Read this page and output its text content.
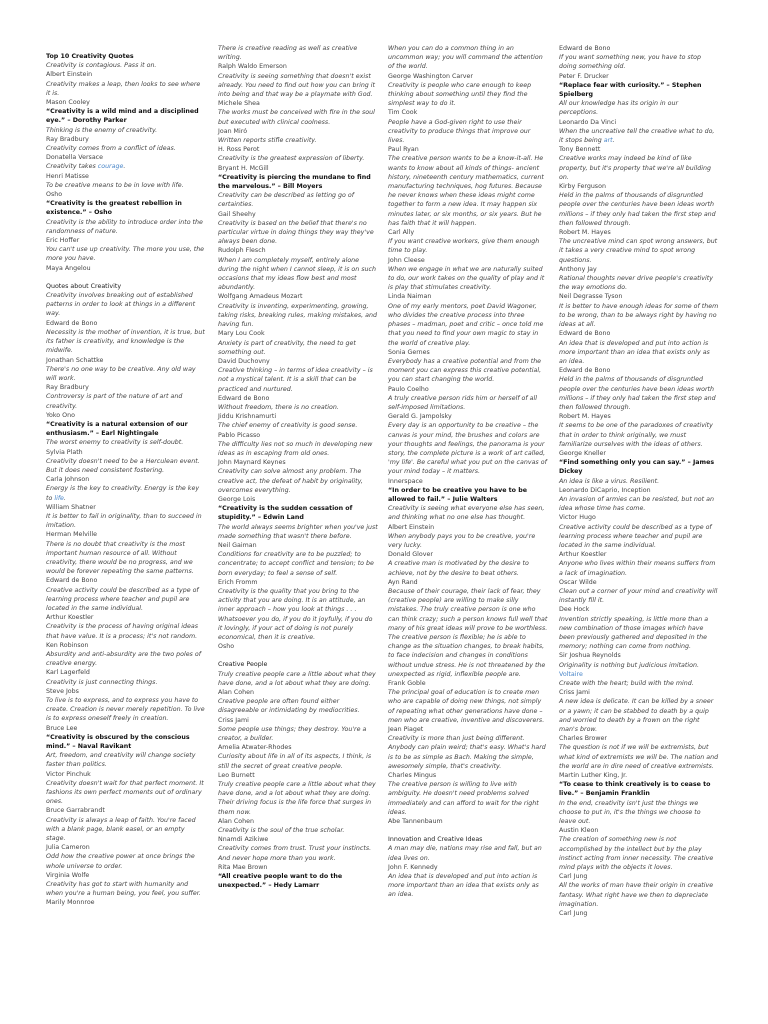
Top 10 Creativity Quotes

Creativity is contagious. Pass it on.

Albert Einstein

Creativity makes a leap, then looks to see where it is.

Mason Cooley

“Creativity is a wild mind and a disciplined eye.” – Dorothy Parker

Thinking is the enemy of creativity.

Ray Bradbury

Creativity comes from a conflict of ideas.

Donatella Versace

Creativity takes courage.

Henri Matisse

To be creative means to be in love with life.

Osho

“Creativity is the greatest rebellion in existence.” – Osho

Creativity is the ability to introduce order into the randomness of nature.

Eric Hoffer

You can't use up creativity. The more you use, the more you have.

Maya Angelou

Quotes about Creativity

Creativity involves breaking out of established patterns in order to look at things in a different way.

Edward de Bono

Necessity is the mother of invention, it is true, but its father is creativity, and knowledge is the midwife.

Jonathan Schattke

There's no one way to be creative. Any old way will work.

Ray Bradbury

Controversy is part of the nature of art and creativity.

Yoko Ono

“Creativity is a natural extension of our enthusiasm.” – Earl Nightingale

The worst enemy to creativity is self-doubt.

Sylvia Plath

Creativity doesn't need to be a Herculean event. But it does need consistent fostering.

Carla Johnson

Energy is the key to creativity. Energy is the key to life.

William Shatner

It is better to fail in originality, than to succeed in imitation.

Herman Melville

There is no doubt that creativity is the most important human resource of all. Without creativity, there would be no progress, and we would be forever repeating the same patterns.

Edward de Bono

Creative activity could be described as a type of learning process where teacher and pupil are located in the same individual.

Arthur Koestler

Creativity is the process of having original ideas that have value. It is a process; it's not random.

Ken Robinson

Absurdity and anti-absurdity are the two poles of creative energy.

Karl Lagerfeld

Creativity is just connecting things.

Steve Jobs

To live is to express, and to express you have to create. Creation is never merely repetition. To live is to express oneself freely in creation.

Bruce Lee

“Creativity is obscured by the conscious mind.” – Naval Ravikant

Art, freedom, and creativity will change society faster than politics.

Victor Pinchuk

Creativity doesn't wait for that perfect moment. It fashions its own perfect moments out of ordinary ones.

Bruce Garrabrandt

Creativity is always a leap of faith. You're faced with a blank page, blank easel, or an empty stage.

Julia Cameron

Odd how the creative power at once brings the whole universe to order.

Virginia Wolfe

Creativity has got to start with humanity and when you're a human being, you feel, you suffer.

Marily Monnroe

There is creative reading as well as creative writing.

Ralph Waldo Emerson

Creativity is seeing something that doesn't exist already. You need to find out how you can bring it into being and that way be a playmate with God.

Michele Shea

The works must be conceived with fire in the soul but executed with clinical coolness.

Joan Miró

Written reports stifle creativity.

H. Ross Perot

Creativity is the greatest expression of liberty.

Bryant H. McGill

“Creativity is piercing the mundane to find the marvelous.” – Bill Moyers

Creativity can be described as letting go of certainties.

Gail Sheehy

Creativity is based on the belief that there's no particular virtue in doing things they way they've always been done.

Rudolph Flesch

When I am completely myself, entirely alone during the night when I cannot sleep, it is on such occasions that my ideas flow best and most abundantly.

Wolfgang Amadeus Mozart

Creativity is inventing, experimenting, growing, taking risks, breaking rules, making mistakes, and having fun.

Mary Lou Cook

Anxiety is part of creativity, the need to get something out.

David Duchovny

Creative thinking – in terms of idea creativity – is not a mystical talent. It is a skill that can be practiced and nurtured.

Edward de Bono

Without freedom, there is no creation.

Jiddu Krishnamurti

The chief enemy of creativity is good sense.

Pablo Picasso

The difficulty lies not so much in developing new ideas as in escaping from old ones.

John Maynard Keynes

Creativity can solve almost any problem. The creative act, the defeat of habit by originality, overcomes everything.

George Lois

“Creativity is the sudden cessation of stupidity.” – Edwin Land

The world always seems brighter when you've just made something that wasn't there before.

Neil Gaiman

Conditions for creativity are to be puzzled; to concentrate; to accept conflict and tension; to be born everyday; to feel a sense of self.

Erich Fromm

Creativity is the quality that you bring to the activity that you are doing. It is an attitude, an inner approach – how you look at things . . . Whatsoever you do, if you do it joyfully, if you do it lovingly, if your act of doing is not purely economical, then it is creative.

Osho

Creative People

Truly creative people care a little about what they have done, and a lot about what they are doing.

Alan Cohen

Creative people are often found either disagreeable or intimidating by mediocrities.

Criss Jami

Some people use things; they destroy. You're a creator, a builder.

Amelia Atwater-Rhodes

Curiosity about life in all of its aspects, I think, is still the secret of great creative people.

Leo Burnett

Truly creative people care a little about what they have done, and a lot about what they are doing. Their driving focus is the life force that surges in them now.

Alan Cohen

Creativity is the soul of the true scholar.

Nnamdi Azikiwe

Creativity comes from trust. Trust your instincts. And never hope more than you work.

Rita Mae Brown

“All creative people want to do the unexpected.” – Hedy Lamarr

When you can do a common thing in an uncommon way; you will command the attention of the world.

George Washington Carver

Creativity is people who care enough to keep thinking about something until they find the simplest way to do it.

Tim Cook

People have a God-given right to use their creativity to produce things that improve our lives.

Paul Ryan

The creative person wants to be a know-it-all. He wants to know about all kinds of things- ancient history, nineteenth century mathematics, current manufacturing techniques, hog futures. Because he never knows when these ideas might come together to form a new idea. It may happen six minutes later, or six months, or six years. But he has faith that it will happen.

Carl Ally

If you want creative workers, give them enough time to play.

John Cleese

When we engage in what we are naturally suited to do, our work takes on the quality of play and it is play that stimulates creativity.

Linda Naiman

One of my early mentors, poet David Wagoner, who divides the creative process into three phases – madman, poet and critic – once told me that you need to find your own magic to stay in the world of creative play.

Sonia Gernes

Everybody has a creative potential and from the moment you can express this creative potential, you can start changing the world.

Paulo Coelho

A truly creative person rids him or herself of all self-imposed limitations.

Gerald G. Jampolsky

Every day is an opportunity to be creative – the canvas is your mind, the brushes and colors are your thoughts and feelings, the panorama is your story, the complete picture is a work of art called, 'my life'. Be careful what you put on the canvas of your mind today – it matters.

Innerspace

“In order to be creative you have to be allowed to fail.” – Julie Walters

Creativity is seeing what everyone else has seen, and thinking what no one else has thought.

Albert Einstein

When anybody pays you to be creative, you're very lucky.

Donald Glover

A creative man is motivated by the desire to achieve, not by the desire to beat others.

Ayn Rand

Because of their courage, their lack of fear, they (creative people) are willing to make silly mistakes. The truly creative person is one who can think crazy; such a person knows full well that many of his great ideas will prove to be worthless. The creative person is flexible; he is able to change as the situation changes, to break habits, to face indecision and changes in conditions without undue stress. He is not threatened by the unexpected as rigid, inflexible people are.

Frank Goble

The principal goal of education is to create men who are capable of doing new things, not simply of repeating what other generations have done – men who are creative, inventive and discoverers.

Jean Piaget

Creativity is more than just being different. Anybody can plain weird; that's easy. What's hard is to be as simple as Bach. Making the simple, awesomely simple, that's creativity.

Charles Mingus

The creative person is willing to live with ambiguity. He doesn't need problems solved immediately and can afford to wait for the right ideas.

Abe Tannenbaum

Innovation and Creative Ideas

A man may die, nations may rise and fall, but an idea lives on.

John F. Kennedy

An idea that is developed and put into action is more important than an idea that exists only as an idea.

Edward de Bono

If you want something new, you have to stop doing something old.

Peter F. Drucker

“Replace fear with curiosity.” – Stephen Spielberg

All our knowledge has its origin in our perceptions.

Leonardo Da Vinci

When the uncreative tell the creative what to do, it stops being art.

Tony Bennett

Creative works may indeed be kind of like property, but it's property that we're all building on.

Kirby Ferguson

Held in the palms of thousands of disgruntled people over the centuries have been ideas worth millions – if they only had taken the first step and then followed through.

Robert M. Hayes

The uncreative mind can spot wrong answers, but it takes a very creative mind to spot wrong questions.

Anthony Jay

Rational thoughts never drive people's creativity the way emotions do.

Neil Degrasse Tyson

It is better to have enough ideas for some of them to be wrong, than to be always right by having no ideas at all.

Edward de Bono

An idea that is developed and put into action is more important than an idea that exists only as an idea.

Edward de Bono

Held in the palms of thousands of disgruntled people over the centuries have been ideas worth millions – if they only had taken the first step and then followed through.

Robert M. Hayes

It seems to be one of the paradoxes of creativity that in order to think originally, we must familiarize ourselves with the ideas of others.

George Kneller

“Find something only you can say.” – James Dickey

An idea is like a virus. Resilient.

Leonardo DiCaprio, Inception

An invasion of armies can be resisted, but not an idea whose time has come.

Victor Hugo

Creative activity could be described as a type of learning process where teacher and pupil are located in the same individual.

Arthur Koestler

Anyone who lives within their means suffers from a lack of imagination.

Oscar Wilde

Clean out a corner of your mind and creativity will instantly fill it.

Dee Hock

Invention strictly speaking, is little more than a new combination of those images which have been previously gathered and deposited in the memory; nothing can come from nothing.

Sir Joshua Reynolds

Originality is nothing but judicious imitation.

Voltaire

Create with the heart; build with the mind.

Criss Jami

A new idea is delicate. It can be killed by a sneer or a yawn; it can be stabbed to death by a quip and worried to death by a frown on the right man's brow.

Charles Brower

The question is not if we will be extremists, but what kind of extremists we will be. The nation and the world are in dire need of creative extremists.

Martin Luther King, Jr.

“To cease to think creatively is to cease to live.” – Benjamin Franklin

In the end, creativity isn't just the things we choose to put in, it's the things we choose to leave out.

Austin Kleon

The creation of something new is not accomplished by the intellect but by the play instinct acting from inner necessity. The creative mind plays with the objects it loves.

Carl Jung

All the works of man have their origin in creative fantasy. What right have we then to depreciate imagination.

Carl Jung
